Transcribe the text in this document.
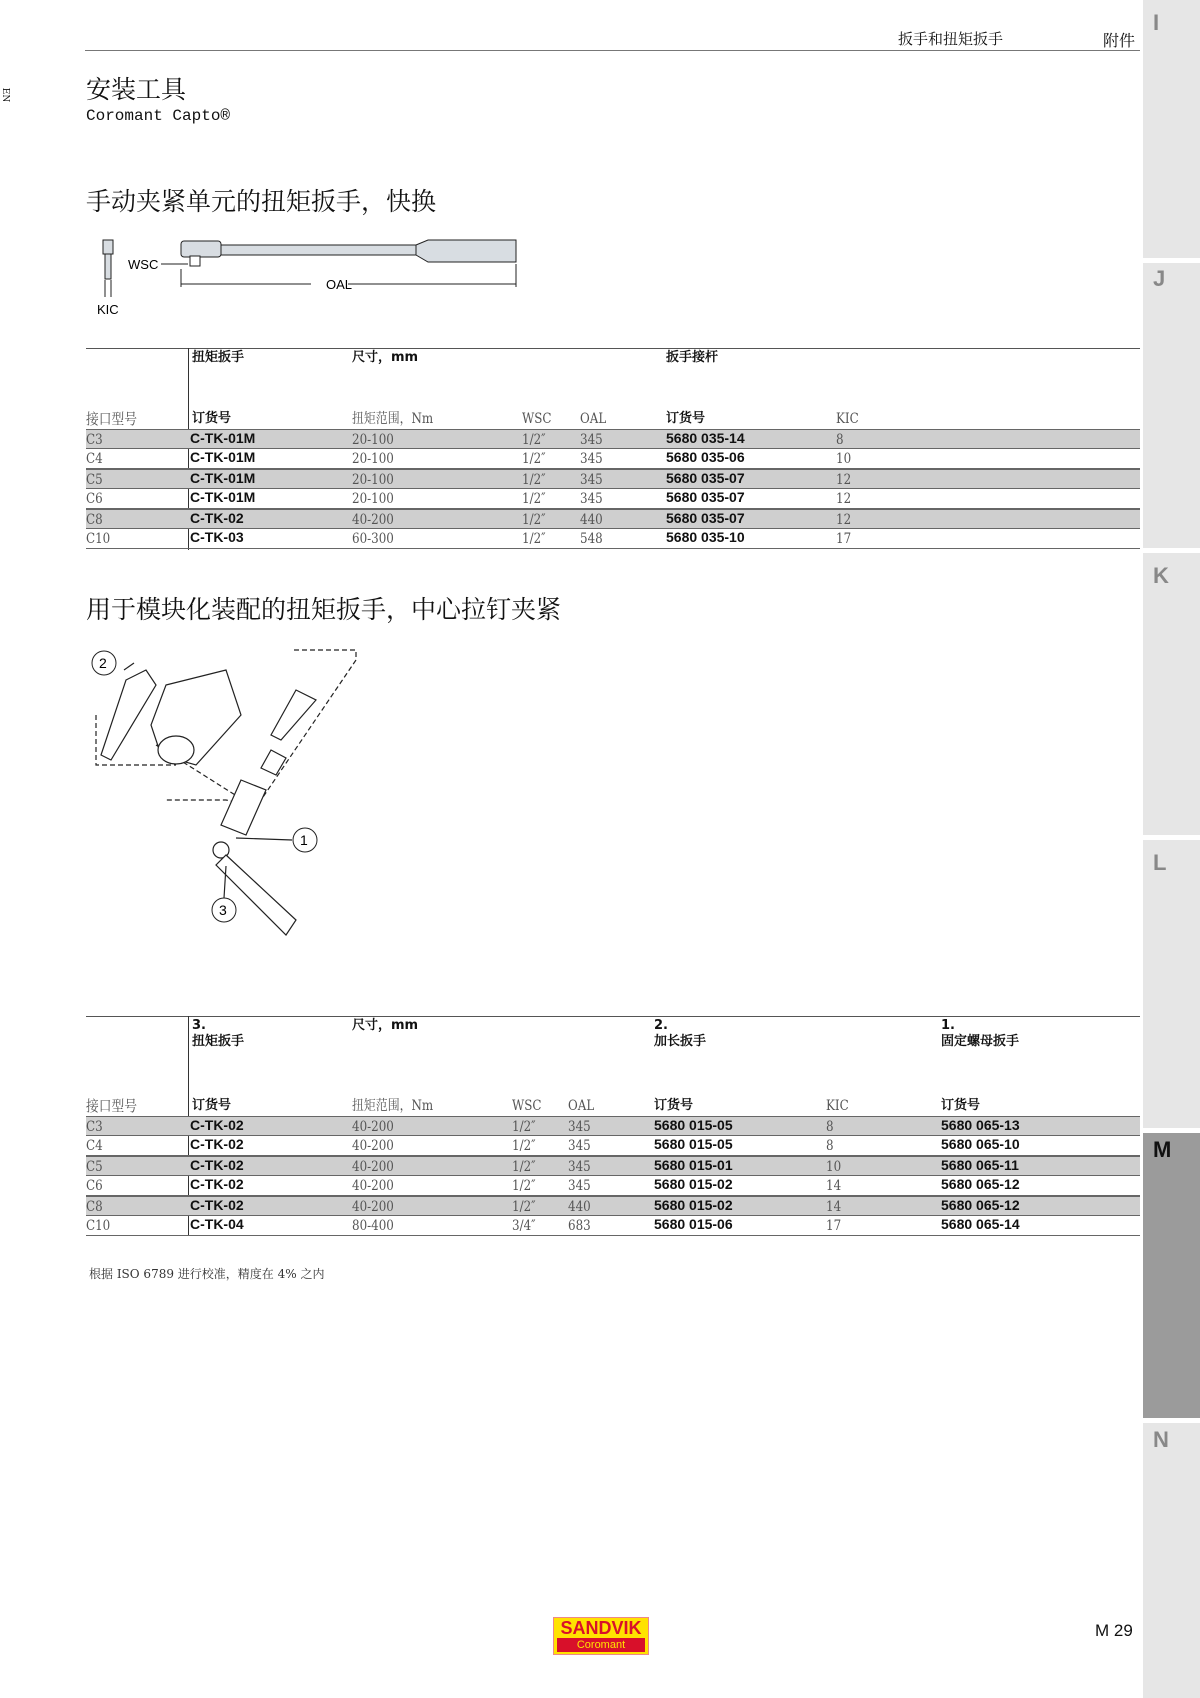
扳手和扭矩扳手	附件
EN
I
J
K
L
M
N
安装工具
Coromant Capto®
手动夹紧单元的扭矩扳手，快换
WSC
OAL
KIC
扭矩扳手	尺寸，mm	扳手接杆
接口型号	订货号	扭矩范围，Nm	WSC OAL	订货号	KIC
C3	C-TK-01M	20-100	1/2″ 345	5680 035-14	8
C4	C-TK-01M	20-100	1/2″ 345	5680 035-06	10
C5	C-TK-01M	20-100	1/2″ 345	5680 035-07	12
C6	C-TK-01M	20-100	1/2″ 345	5680 035-07	12
C8	C-TK-02	40-200	1/2″ 440	5680 035-07	12
C10	C-TK-03	60-300	1/2″ 548	5680 035-10	17
用于模块化装配的扭矩扳手，中心拉钉夹紧
2
1
3
3.
扭矩扳手
尺寸，mm	2.
加长扳手
1.
固定螺母扳手
接口型号	订货号	扭矩范围，Nm	WSC OAL	订货号	KIC	订货号
C3	C-TK-02	40-200	1/2″ 345	5680 015-05	8	5680 065-13
C4	C-TK-02	40-200	1/2″ 345	5680 015-05	8	5680 065-10
C5	C-TK-02	40-200	1/2″ 345	5680 015-01	10	5680 065-11
C6	C-TK-02	40-200	1/2″ 345	5680 015-02	14	5680 065-12
C8	C-TK-02	40-200	1/2″ 440	5680 015-02	14	5680 065-12
C10	C-TK-04	80-400	3/4″ 683	5680 015-06	17	5680 065-14
根据 ISO 6789 进行校准，精度在 4% 之内
SANDVIK
Coromant
M 29
